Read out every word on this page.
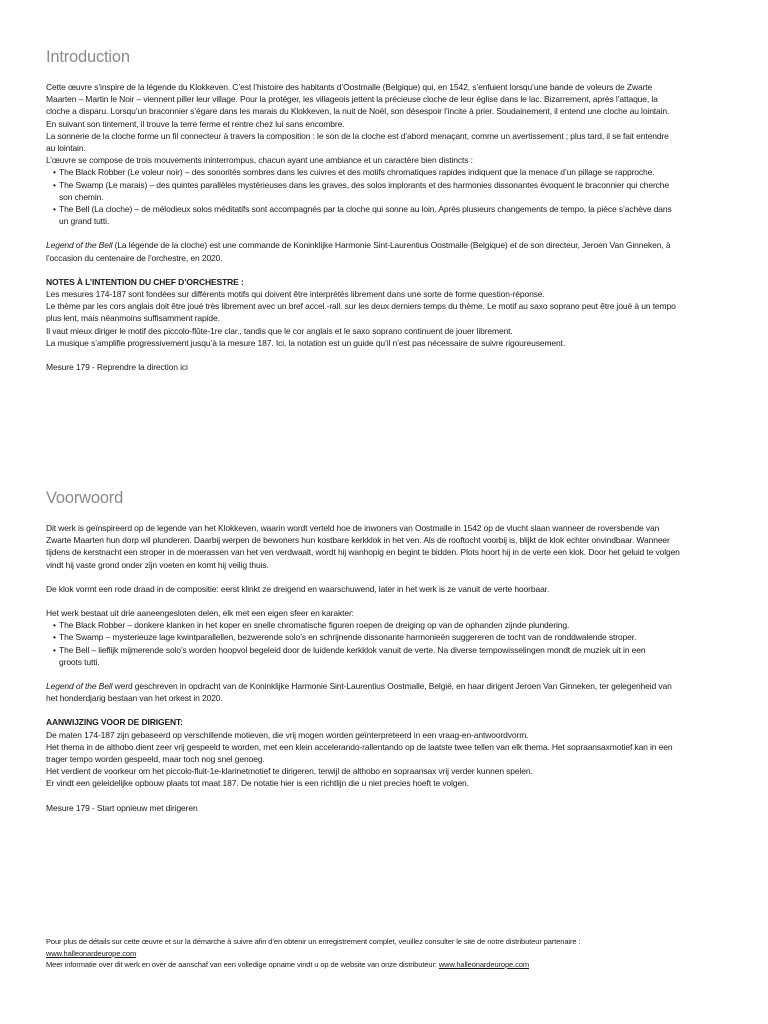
Introduction

Cette œuvre s’inspire de la légende du Klokkeven. C’est l’histoire des habitants d’Oostmalle (Belgique) qui, en 1542, s’enfuient lorsqu’une bande de voleurs de Zwarte
Maarten – Martin le Noir – viennent piller leur village. Pour la protéger, les villageois jettent la précieuse cloche de leur église dans le lac. Bizarrement, après l’attaque, la
cloche a disparu. Lorsqu’un braconnier s’égare dans les marais du Klokkeven, la nuit de Noël, son désespoir l’incite à prier. Soudainement, il entend une cloche au lointain.
En suivant son tintement, il trouve la terre ferme et rentre chez lui sans encombre.

La sonnerie de la cloche forme un fil connecteur à travers la composition : le son de la cloche est d’abord menaçant, comme un avertissement ; plus tard, il se fait entendre
au lointain.

L’œuvre se compose de trois mouvements ininterrompus, chacun ayant une ambiance et un caractère bien distincts :

• The Black Robber (Le voleur noir) – des sonorités sombres dans les cuivres et des motifs chromatiques rapides indiquent que la menace d’un pillage se rapproche.
• The Swamp (Le marais) – des quintes parallèles mystérieuses dans les graves, des solos implorants et des harmonies dissonantes évoquent le braconnier qui cherche
son chemin.
• The Bell (La cloche) – de mélodieux solos méditatifs sont accompagnés par la cloche qui sonne au loin. Après plusieurs changements de tempo, la pièce s’achève dans
un grand tutti.

Legend of the Bell (La légende de la cloche) est une commande de Koninklijke Harmonie Sint-Laurentius Oostmalle (Belgique) et de son directeur, Jeroen Van Ginneken, à
l’occasion du centenaire de l’orchestre, en 2020.

NOTES À L’INTENTION DU CHEF D’ORCHESTRE :

Les mesures 174-187 sont fondées sur différents motifs qui doivent être interprétés librement dans une sorte de forme question-réponse.
Le thème par les cors anglais doit être joué très librement avec un bref accel.-rall. sur les deux derniers temps du thème. Le motif au saxo soprano peut être joué à un tempo
plus lent, mais néanmoins suffisamment rapide.
Il vaut mieux diriger le motif des piccolo-flûte-1re clar., tandis que le cor anglais et le saxo soprano continuent de jouer librement.
La musique s’amplifie progressivement jusqu’à la mesure 187. Ici, la notation est un guide qu’il n’est pas nécessaire de suivre rigoureusement.

Mesure 179 - Reprendre la direction ici

Voorwoord

Dit werk is geïnspireerd op de legende van het Klokkeven, waarin wordt verteld hoe de inwoners van Oostmalle in 1542 op de vlucht slaan wanneer de roversbende van
Zwarte Maarten hun dorp wil plunderen. Daarbij werpen de bewoners hun kostbare kerkklok in het ven. Als de rooftocht voorbij is, blijkt de klok echter onvindbaar. Wanneer
tijdens de kerstnacht een stroper in de moerassen van het ven verdwaalt, wordt hij wanhopig en begint te bidden. Plots hoort hij in de verte een klok. Door het geluid te volgen
vindt hij vaste grond onder zijn voeten en komt hij veilig thuis.

De klok vormt een rode draad in de compositie: eerst klinkt ze dreigend en waarschuwend, later in het werk is ze vanuit de verte hoorbaar.

Het werk bestaat uit drie aaneengesloten delen, elk met een eigen sfeer en karakter:

• The Black Robber – donkere klanken in het koper en snelle chromatische figuren roepen de dreiging op van de ophanden zijnde plundering.
• The Swamp – mysterieuze lage kwintparallellen, bezwerende solo’s en schrijnende dissonante harmonieën suggereren de tocht van de ronddwalende stroper.
• The Bell – lieflijk mijmerende solo’s worden hoopvol begeleid door de luidende kerkklok vanuit de verte. Na diverse tempowisselingen mondt de muziek uit in een
groots tutti.

Legend of the Bell werd geschreven in opdracht van de Koninklijke Harmonie Sint-Laurentius Oostmalle, België, en haar dirigent Jeroen Van Ginneken, ter gelegenheid van
het honderdjarig bestaan van het orkest in 2020.

AANWIJZING VOOR DE DIRIGENT:

De maten 174-187 zijn gebaseerd op verschillende motieven, die vrij mogen worden geïnterpreteerd in een vraag-en-antwoordvorm.
Het thema in de althobo dient zeer vrij gespeeld te worden, met een klein accelerando-rallentando op de laatste twee tellen van elk thema. Het sopraansaxmotief kan in een
trager tempo worden gespeeld, maar toch nog snel genoeg.
Het verdient de voorkeur om het piccolo-fluit-1e-klarinetmotief te dirigeren, terwijl de althobo en sopraansax vrij verder kunnen spelen.
Er vindt een geleidelijke opbouw plaats tot maat 187. De notatie hier is een richtlijn die u niet precies hoeft te volgen.

Mesure 179 - Start opnieuw met dirigeren

Pour plus de détails sur cette œuvre et sur la démarche à suivre afin d’en obtenir un enregistrement complet, veuillez consulter le site de notre distributeur partenaire :
www.halleonardeurope.com
Meer informatie over dit werk en over de aanschaf van een volledige opname vindt u op de website van onze distributeur: www.halleonardeurope.com
